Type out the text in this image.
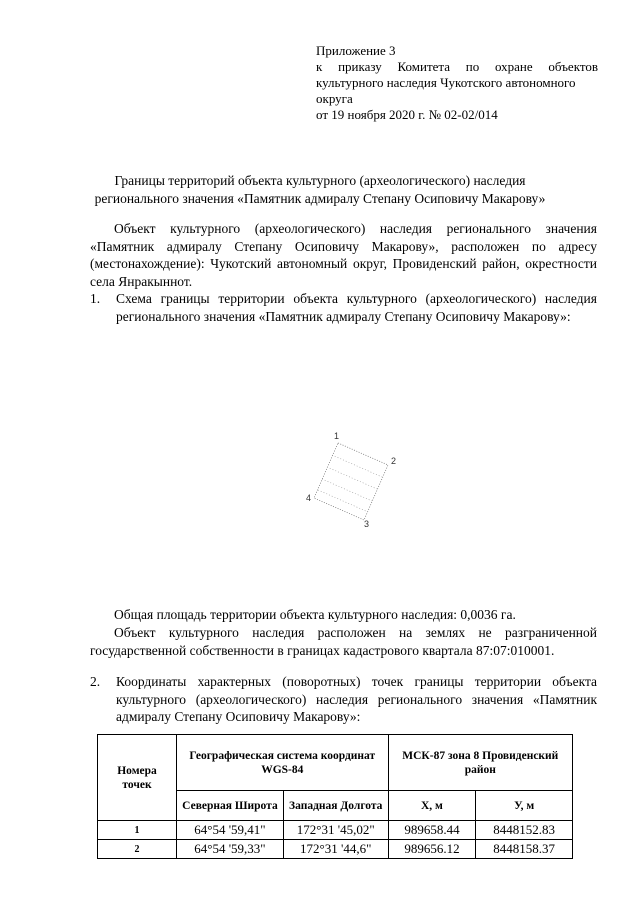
Приложение 3
к приказу Комитета по охране объектов
культурного наследия Чукотского автономного
округа
от 19 ноября 2020 г. № 02-02/014
Границы территорий объекта культурного (археологического) наследия
регионального значения «Памятник адмиралу Степану Осиповичу Макарову»
Объект культурного (археологического) наследия регионального значения «Памятник адмиралу Степану Осиповичу Макарову», расположен по адресу (местонахождение): Чукотский автономный округ, Провиденский район, окрестности села Янракыннот.
1. Схема границы территории объекта культурного (археологического) наследия регионального значения «Памятник адмиралу Степану Осиповичу Макарову»:
1
2
3
4
Общая площадь территории объекта культурного наследия: 0,0036 га.
Объект культурного наследия расположен на землях не разграниченной государственной собственности в границах кадастрового квартала 87:07:010001.
2. Координаты характерных (поворотных) точек границы территории объекта культурного (археологического) наследия регионального значения «Памятник адмиралу Степану Осиповичу Макарову»:
Номера точек	Географическая система координат WGS-84		МСК-87 зона 8 Провиденский район	
	Северная Широта	Западная Долгота	Х, м	У, м
1	64°54 '59,41"	172°31 '45,02"	989658.44	8448152.83
2	64°54 '59,33"	172°31 '44,6"	989656.12	8448158.37
